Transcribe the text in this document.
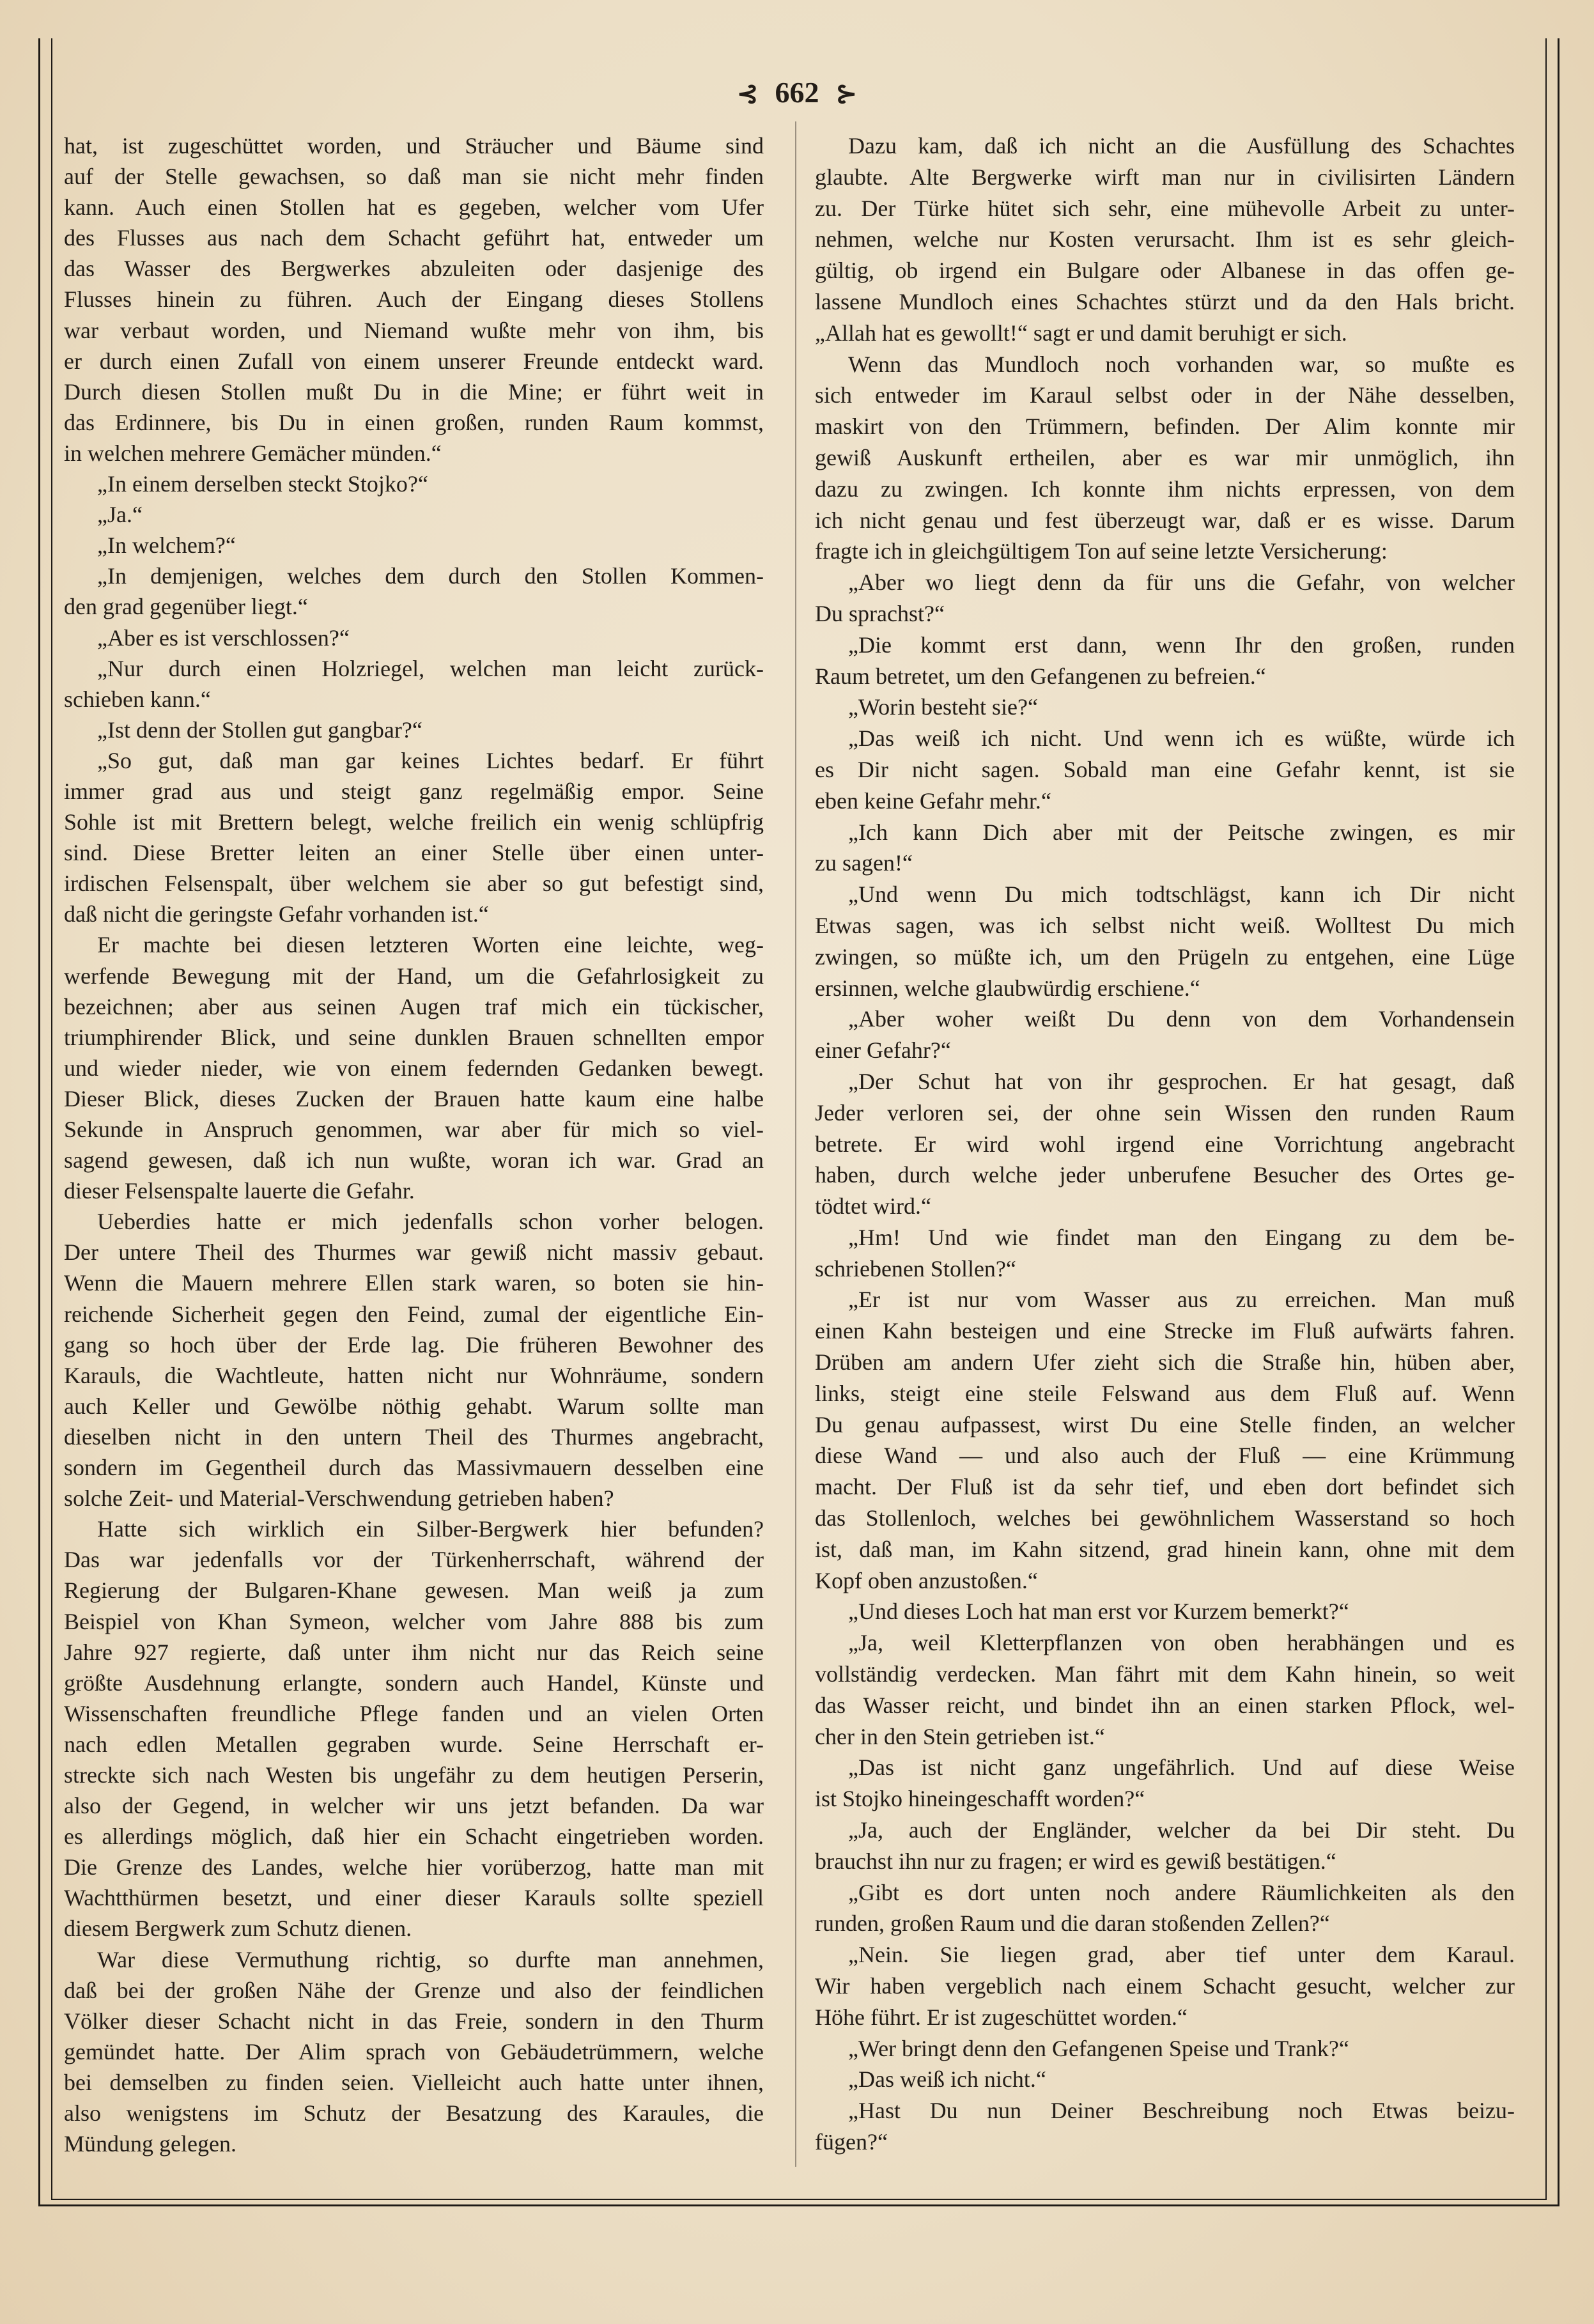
⊰ 662 ⊱
hat, ist zugeschüttet worden, und Sträucher und Bäume sind
auf der Stelle gewachsen, so daß man sie nicht mehr finden
kann. Auch einen Stollen hat es gegeben, welcher vom Ufer
des Flusses aus nach dem Schacht geführt hat, entweder um
das Wasser des Bergwerkes abzuleiten oder dasjenige des
Flusses hinein zu führen. Auch der Eingang dieses Stollens
war verbaut worden, und Niemand wußte mehr von ihm, bis
er durch einen Zufall von einem unserer Freunde entdeckt ward.
Durch diesen Stollen mußt Du in die Mine; er führt weit in
das Erdinnere, bis Du in einen großen, runden Raum kommst,
in welchen mehrere Gemächer münden.“
„In einem derselben steckt Stojko?“
„Ja.“
„In welchem?“
„In demjenigen, welches dem durch den Stollen Kommen-
den grad gegenüber liegt.“
„Aber es ist verschlossen?“
„Nur durch einen Holzriegel, welchen man leicht zurück-
schieben kann.“
„Ist denn der Stollen gut gangbar?“
„So gut, daß man gar keines Lichtes bedarf. Er führt
immer grad aus und steigt ganz regelmäßig empor. Seine
Sohle ist mit Brettern belegt, welche freilich ein wenig schlüpfrig
sind. Diese Bretter leiten an einer Stelle über einen unter-
irdischen Felsenspalt, über welchem sie aber so gut befestigt sind,
daß nicht die geringste Gefahr vorhanden ist.“
Er machte bei diesen letzteren Worten eine leichte, weg-
werfende Bewegung mit der Hand, um die Gefahrlosigkeit zu
bezeichnen; aber aus seinen Augen traf mich ein tückischer,
triumphirender Blick, und seine dunklen Brauen schnellten empor
und wieder nieder, wie von einem federnden Gedanken bewegt.
Dieser Blick, dieses Zucken der Brauen hatte kaum eine halbe
Sekunde in Anspruch genommen, war aber für mich so viel-
sagend gewesen, daß ich nun wußte, woran ich war. Grad an
dieser Felsenspalte lauerte die Gefahr.
Ueberdies hatte er mich jedenfalls schon vorher belogen.
Der untere Theil des Thurmes war gewiß nicht massiv gebaut.
Wenn die Mauern mehrere Ellen stark waren, so boten sie hin-
reichende Sicherheit gegen den Feind, zumal der eigentliche Ein-
gang so hoch über der Erde lag. Die früheren Bewohner des
Karauls, die Wachtleute, hatten nicht nur Wohnräume, sondern
auch Keller und Gewölbe nöthig gehabt. Warum sollte man
dieselben nicht in den untern Theil des Thurmes angebracht,
sondern im Gegentheil durch das Massivmauern desselben eine
solche Zeit- und Material-Verschwendung getrieben haben?
Hatte sich wirklich ein Silber-Bergwerk hier befunden?
Das war jedenfalls vor der Türkenherrschaft, während der
Regierung der Bulgaren-Khane gewesen. Man weiß ja zum
Beispiel von Khan Symeon, welcher vom Jahre 888 bis zum
Jahre 927 regierte, daß unter ihm nicht nur das Reich seine
größte Ausdehnung erlangte, sondern auch Handel, Künste und
Wissenschaften freundliche Pflege fanden und an vielen Orten
nach edlen Metallen gegraben wurde. Seine Herrschaft er-
streckte sich nach Westen bis ungefähr zu dem heutigen Perserin,
also der Gegend, in welcher wir uns jetzt befanden. Da war
es allerdings möglich, daß hier ein Schacht eingetrieben worden.
Die Grenze des Landes, welche hier vorüberzog, hatte man mit
Wachtthürmen besetzt, und einer dieser Karauls sollte speziell
diesem Bergwerk zum Schutz dienen.
War diese Vermuthung richtig, so durfte man annehmen,
daß bei der großen Nähe der Grenze und also der feindlichen
Völker dieser Schacht nicht in das Freie, sondern in den Thurm
gemündet hatte. Der Alim sprach von Gebäudetrümmern, welche
bei demselben zu finden seien. Vielleicht auch hatte unter ihnen,
also wenigstens im Schutz der Besatzung des Karaules, die
Mündung gelegen.
Dazu kam, daß ich nicht an die Ausfüllung des Schachtes
glaubte. Alte Bergwerke wirft man nur in civilisirten Ländern
zu. Der Türke hütet sich sehr, eine mühevolle Arbeit zu unter-
nehmen, welche nur Kosten verursacht. Ihm ist es sehr gleich-
gültig, ob irgend ein Bulgare oder Albanese in das offen ge-
lassene Mundloch eines Schachtes stürzt und da den Hals bricht.
„Allah hat es gewollt!“ sagt er und damit beruhigt er sich.
Wenn das Mundloch noch vorhanden war, so mußte es
sich entweder im Karaul selbst oder in der Nähe desselben,
maskirt von den Trümmern, befinden. Der Alim konnte mir
gewiß Auskunft ertheilen, aber es war mir unmöglich, ihn
dazu zu zwingen. Ich konnte ihm nichts erpressen, von dem
ich nicht genau und fest überzeugt war, daß er es wisse. Darum
fragte ich in gleichgültigem Ton auf seine letzte Versicherung:
„Aber wo liegt denn da für uns die Gefahr, von welcher
Du sprachst?“
„Die kommt erst dann, wenn Ihr den großen, runden
Raum betretet, um den Gefangenen zu befreien.“
„Worin besteht sie?“
„Das weiß ich nicht. Und wenn ich es wüßte, würde ich
es Dir nicht sagen. Sobald man eine Gefahr kennt, ist sie
eben keine Gefahr mehr.“
„Ich kann Dich aber mit der Peitsche zwingen, es mir
zu sagen!“
„Und wenn Du mich todtschlägst, kann ich Dir nicht
Etwas sagen, was ich selbst nicht weiß. Wolltest Du mich
zwingen, so müßte ich, um den Prügeln zu entgehen, eine Lüge
ersinnen, welche glaubwürdig erschiene.“
„Aber woher weißt Du denn von dem Vorhandensein
einer Gefahr?“
„Der Schut hat von ihr gesprochen. Er hat gesagt, daß
Jeder verloren sei, der ohne sein Wissen den runden Raum
betrete. Er wird wohl irgend eine Vorrichtung angebracht
haben, durch welche jeder unberufene Besucher des Ortes ge-
tödtet wird.“
„Hm! Und wie findet man den Eingang zu dem be-
schriebenen Stollen?“
„Er ist nur vom Wasser aus zu erreichen. Man muß
einen Kahn besteigen und eine Strecke im Fluß aufwärts fahren.
Drüben am andern Ufer zieht sich die Straße hin, hüben aber,
links, steigt eine steile Felswand aus dem Fluß auf. Wenn
Du genau aufpassest, wirst Du eine Stelle finden, an welcher
diese Wand — und also auch der Fluß — eine Krümmung
macht. Der Fluß ist da sehr tief, und eben dort befindet sich
das Stollenloch, welches bei gewöhnlichem Wasserstand so hoch
ist, daß man, im Kahn sitzend, grad hinein kann, ohne mit dem
Kopf oben anzustoßen.“
„Und dieses Loch hat man erst vor Kurzem bemerkt?“
„Ja, weil Kletterpflanzen von oben herabhängen und es
vollständig verdecken. Man fährt mit dem Kahn hinein, so weit
das Wasser reicht, und bindet ihn an einen starken Pflock, wel-
cher in den Stein getrieben ist.“
„Das ist nicht ganz ungefährlich. Und auf diese Weise
ist Stojko hineingeschafft worden?“
„Ja, auch der Engländer, welcher da bei Dir steht. Du
brauchst ihn nur zu fragen; er wird es gewiß bestätigen.“
„Gibt es dort unten noch andere Räumlichkeiten als den
runden, großen Raum und die daran stoßenden Zellen?“
„Nein. Sie liegen grad, aber tief unter dem Karaul.
Wir haben vergeblich nach einem Schacht gesucht, welcher zur
Höhe führt. Er ist zugeschüttet worden.“
„Wer bringt denn den Gefangenen Speise und Trank?“
„Das weiß ich nicht.“
„Hast Du nun Deiner Beschreibung noch Etwas beizu-
fügen?“
